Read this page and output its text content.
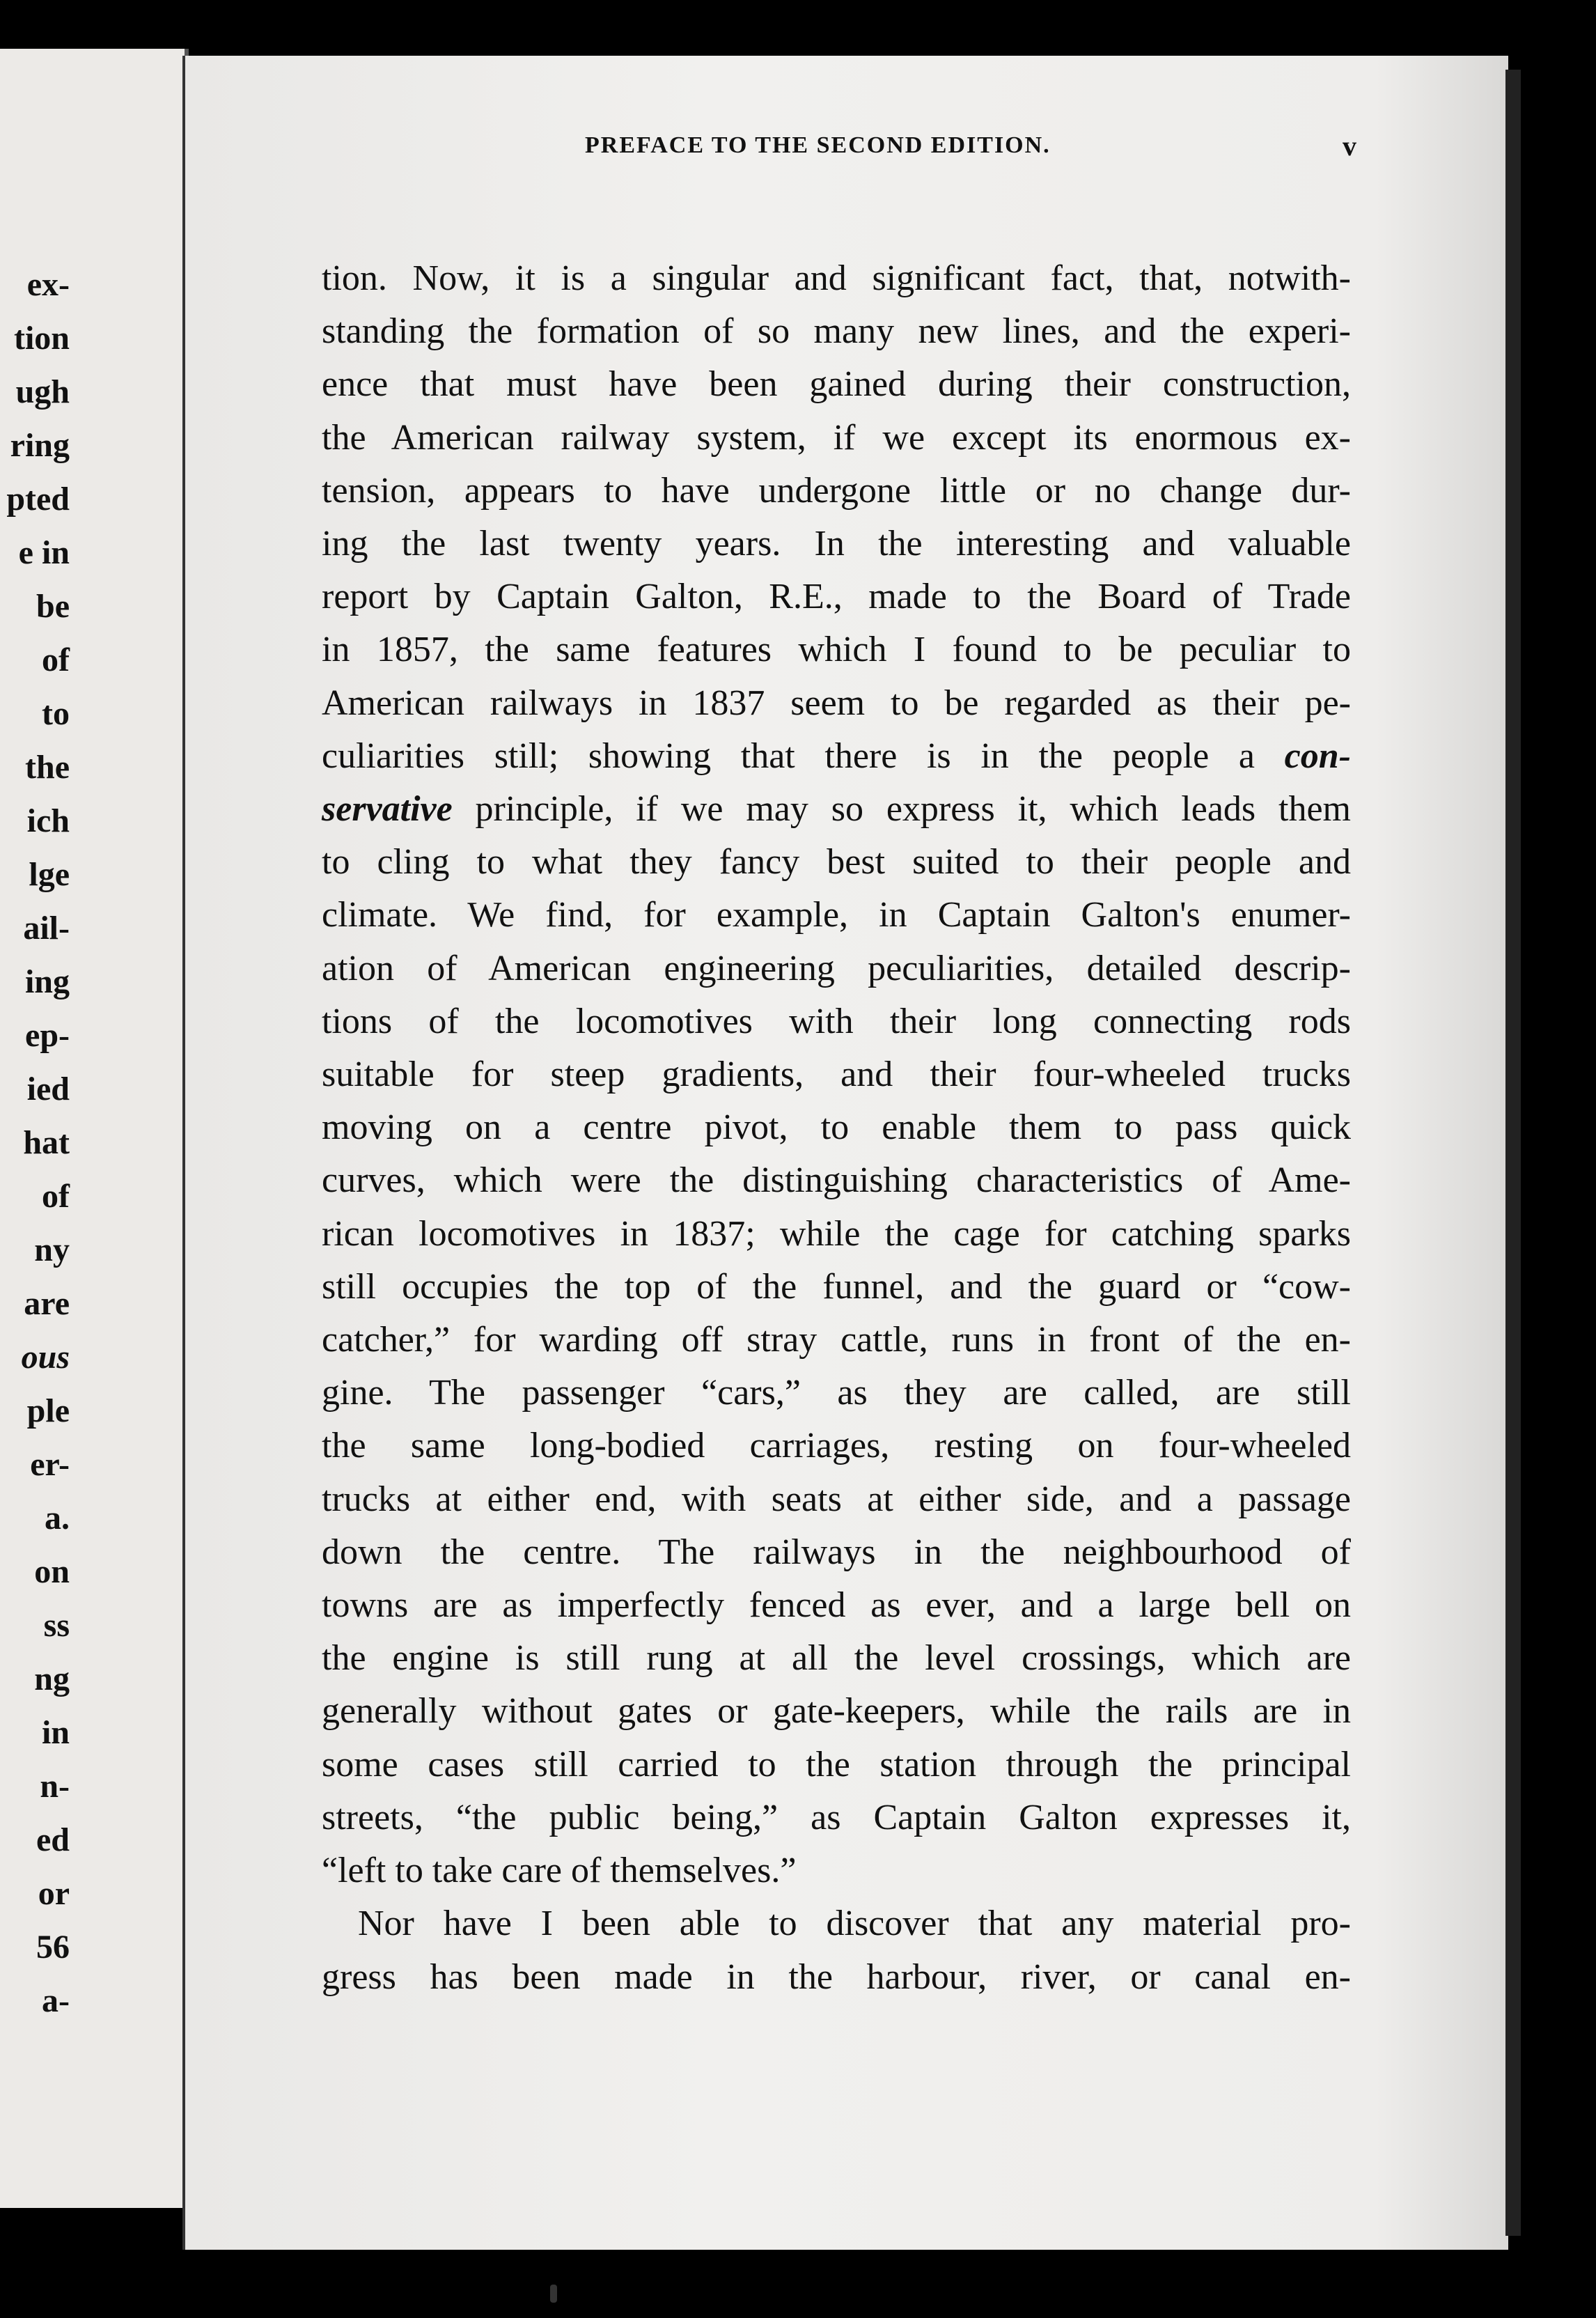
ex-
tion
ugh
ring
pted
e in
be
of
to
the
ich
lge
ail-
ing
ep-
ied
hat
of
ny
are
ous
ple
er-
a.
on
ss
ng
in
n-
ed
or
56
a-
PREFACE TO THE SECOND EDITION.	v
tion. Now, it is a singular and significant fact, that, notwith-
standing the formation of so many new lines, and the experi-
ence that must have been gained during their construction,
the American railway system, if we except its enormous ex-
tension, appears to have undergone little or no change dur-
ing the last twenty years. In the interesting and valuable
report by Captain Galton, R.E., made to the Board of Trade
in 1857, the same features which I found to be peculiar to
American railways in 1837 seem to be regarded as their pe-
culiarities still; showing that there is in the people a con-
servative principle, if we may so express it, which leads them
to cling to what they fancy best suited to their people and
climate. We find, for example, in Captain Galton's enumer-
ation of American engineering peculiarities, detailed descrip-
tions of the locomotives with their long connecting rods
suitable for steep gradients, and their four-wheeled trucks
moving on a centre pivot, to enable them to pass quick
curves, which were the distinguishing characteristics of Ame-
rican locomotives in 1837; while the cage for catching sparks
still occupies the top of the funnel, and the guard or “cow-
catcher,” for warding off stray cattle, runs in front of the en-
gine. The passenger “cars,” as they are called, are still
the same long-bodied carriages, resting on four-wheeled
trucks at either end, with seats at either side, and a passage
down the centre. The railways in the neighbourhood of
towns are as imperfectly fenced as ever, and a large bell on
the engine is still rung at all the level crossings, which are
generally without gates or gate-keepers, while the rails are in
some cases still carried to the station through the principal
streets, “the public being,” as Captain Galton expresses it,
“left to take care of themselves.”
Nor have I been able to discover that any material pro-
gress has been made in the harbour, river, or canal en-
